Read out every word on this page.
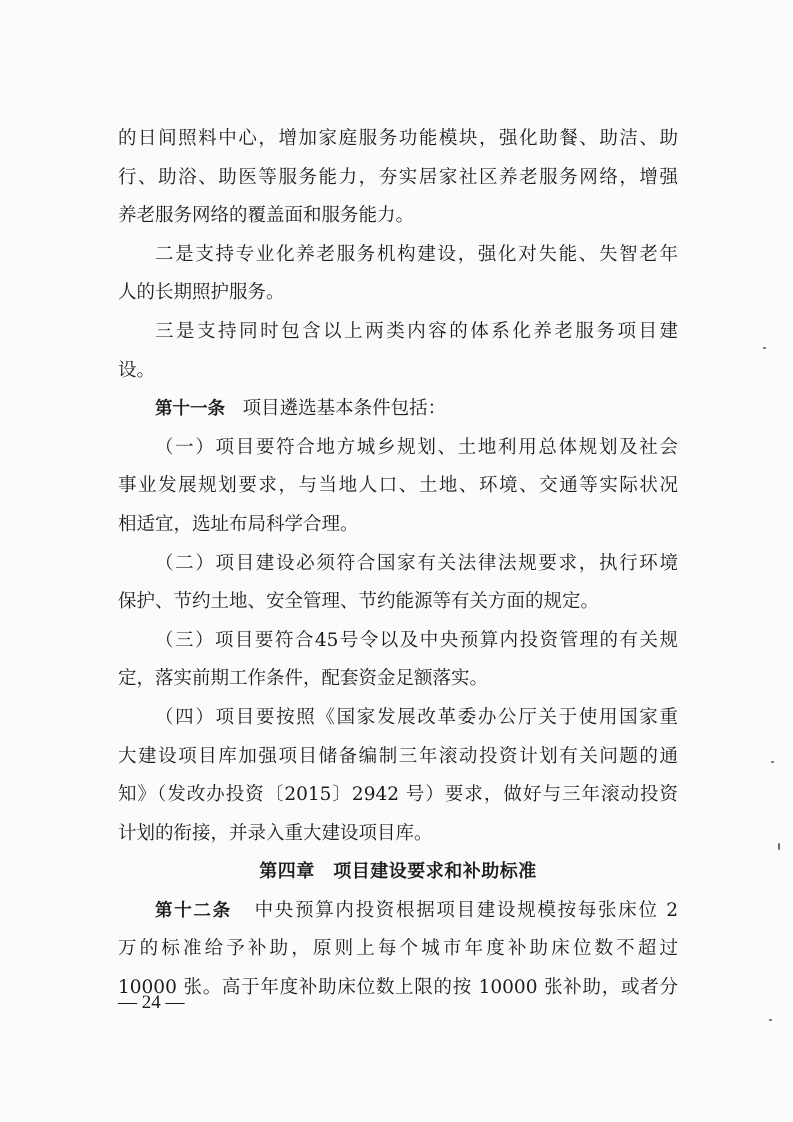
的日间照料中心，增加家庭服务功能模块，强化助餐、助洁、助
行、助浴、助医等服务能力，夯实居家社区养老服务网络，增强
养老服务网络的覆盖面和服务能力。
二是支持专业化养老服务机构建设，强化对失能、失智老年
人的长期照护服务。
三是支持同时包含以上两类内容的体系化养老服务项目建
设。
第十一条 项目遴选基本条件包括：
（一）项目要符合地方城乡规划、土地利用总体规划及社会
事业发展规划要求，与当地人口、土地、环境、交通等实际状况
相适宜，选址布局科学合理。
（二）项目建设必须符合国家有关法律法规要求，执行环境
保护、节约土地、安全管理、节约能源等有关方面的规定。
（三）项目要符合45号令以及中央预算内投资管理的有关规
定，落实前期工作条件，配套资金足额落实。
（四）项目要按照《国家发展改革委办公厅关于使用国家重
大建设项目库加强项目储备编制三年滚动投资计划有关问题的通
知》（发改办投资〔2015〕2942 号）要求，做好与三年滚动投资
计划的衔接，并录入重大建设项目库。
第四章　项目建设要求和补助标准
第十二条 中央预算内投资根据项目建设规模按每张床位 2
万的标准给予补助，原则上每个城市年度补助床位数不超过
10000 张。高于年度补助床位数上限的按 10000 张补助，或者分
— 24 —
